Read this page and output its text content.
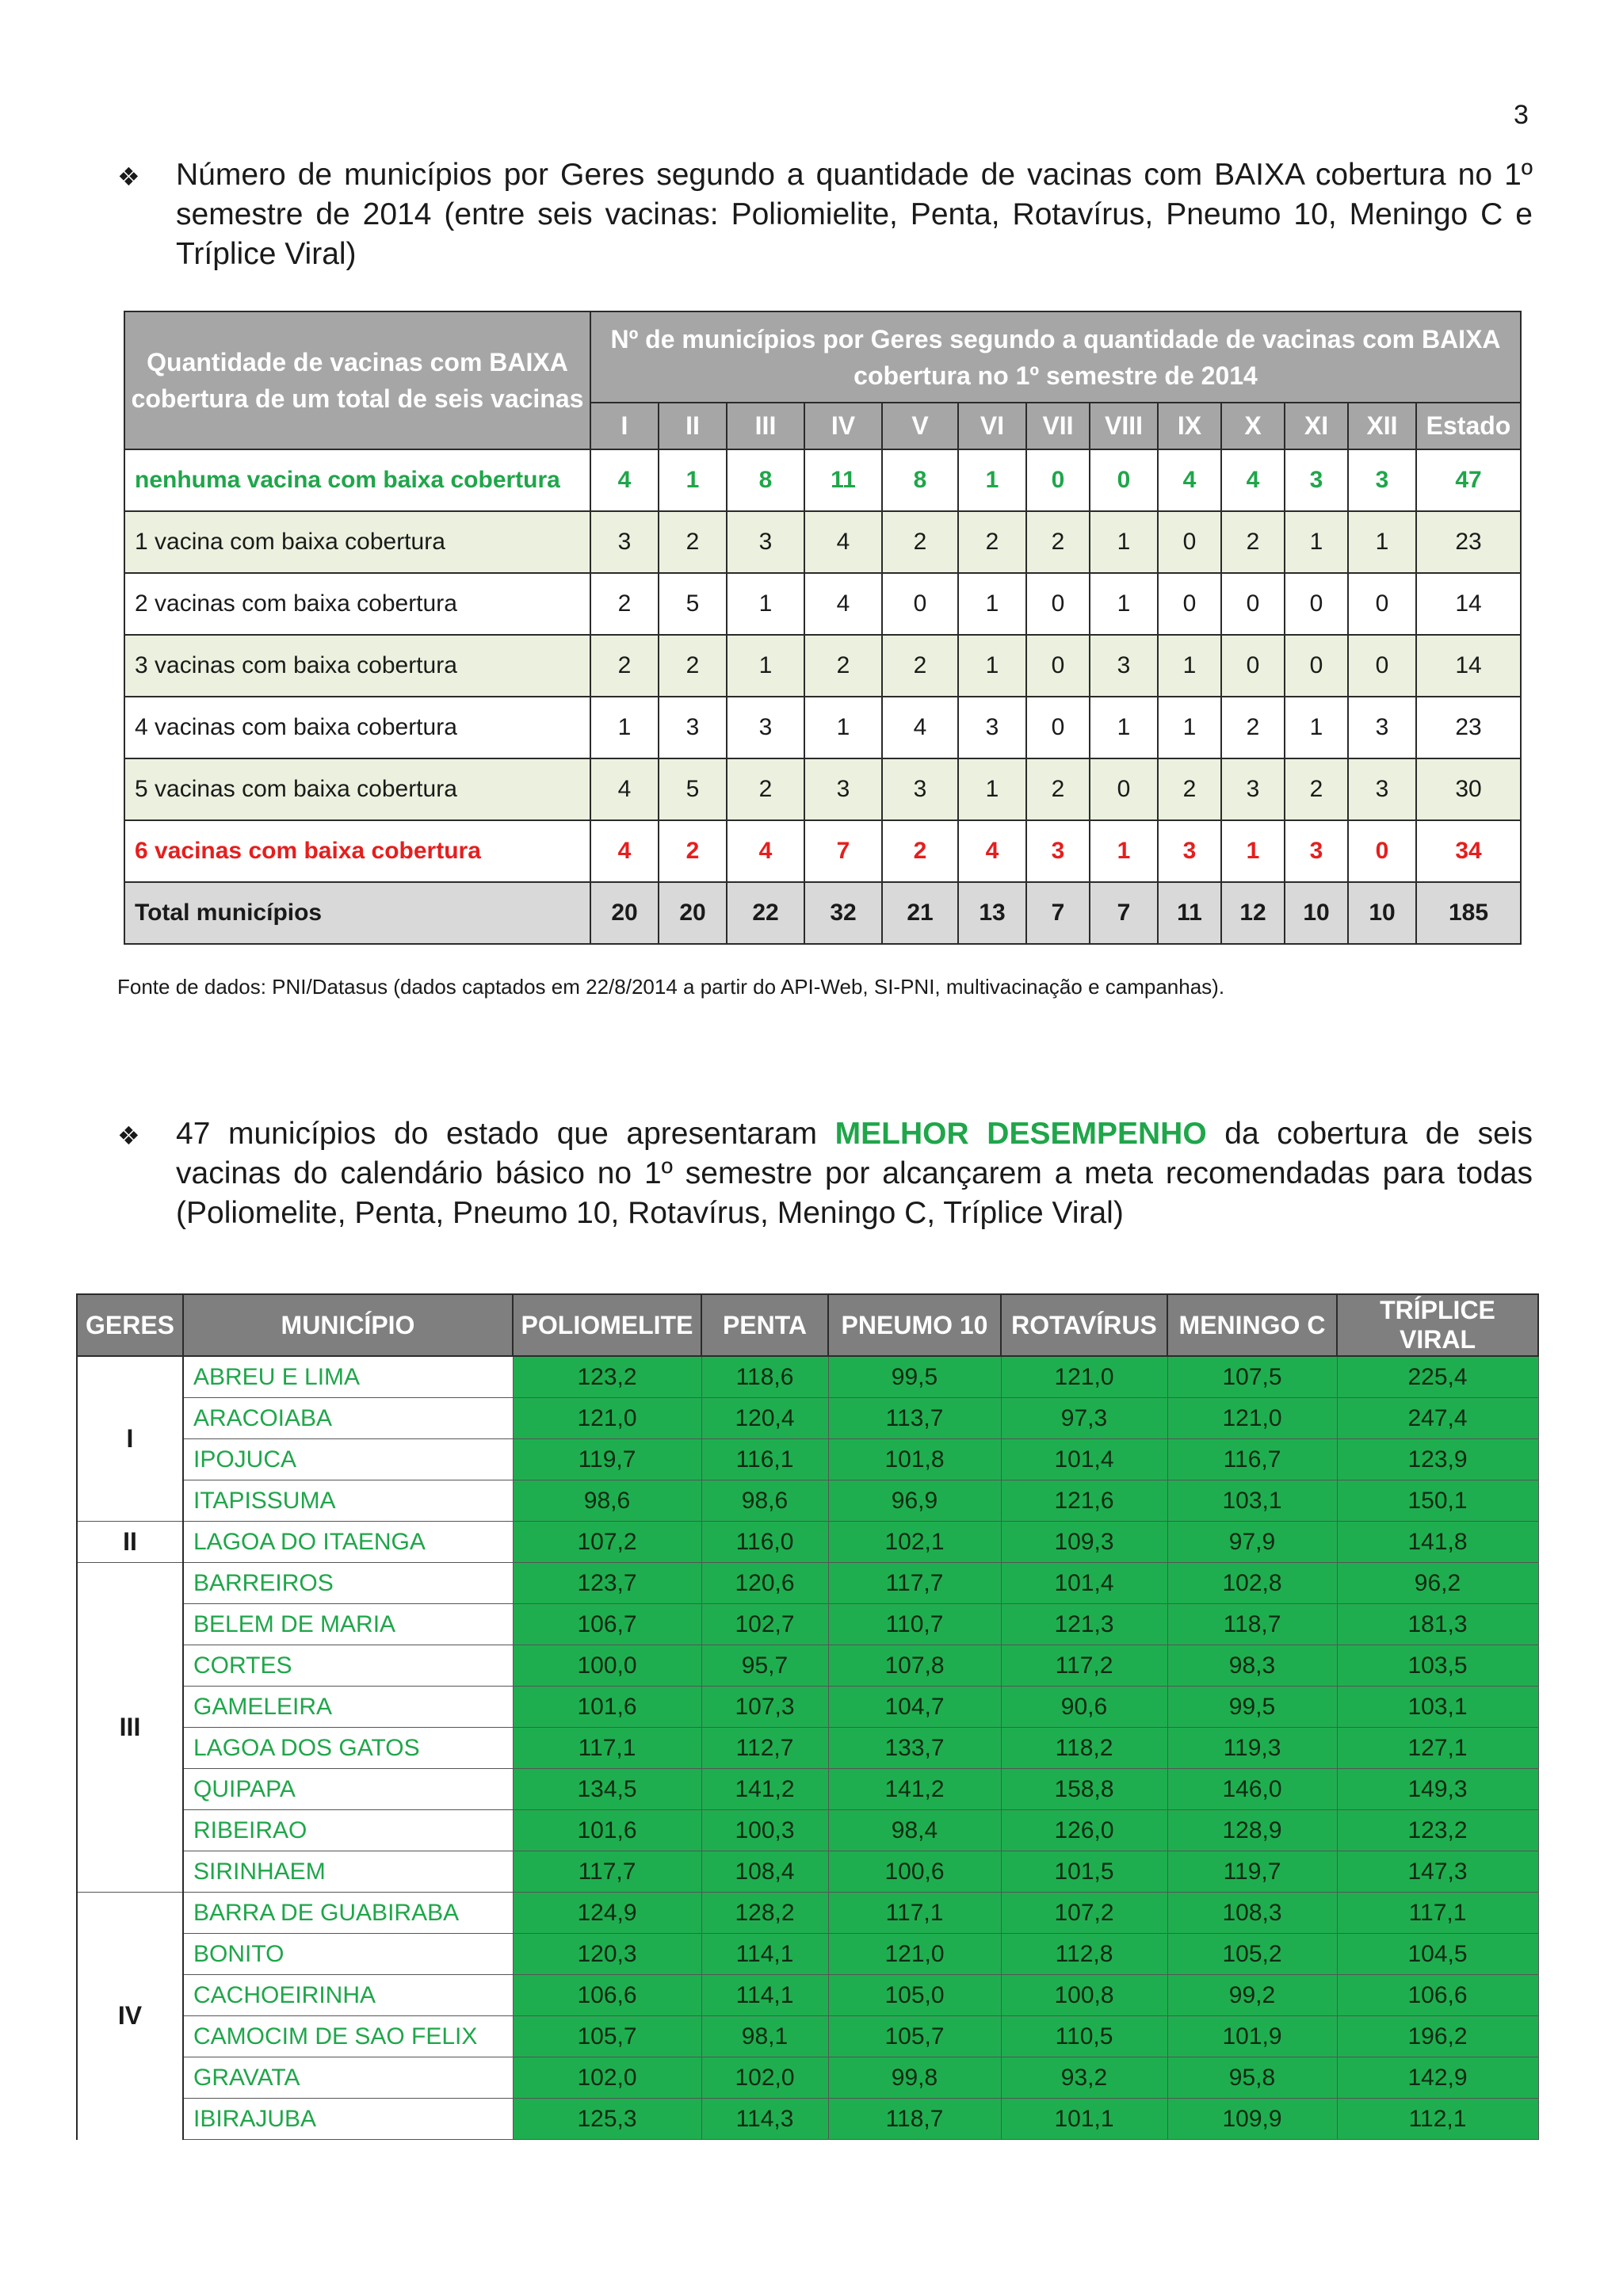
3
❖ Número de municípios por Geres segundo a quantidade de vacinas com BAIXA cobertura no 1º semestre de 2014 (entre seis vacinas: Poliomielite, Penta, Rotavírus, Pneumo 10, Meningo C e Tríplice Viral)
Quantidade de vacinas com BAIXA cobertura de um total de seis vacinas	Nº de municípios por Geres segundo a quantidade de vacinas com BAIXA cobertura no 1º semestre de 2014												
	I	II	III	IV	V	VI	VII	VIII	IX	X	XI	XII	Estado
nenhuma vacina com baixa cobertura	4	1	8	11	8	1	0	0	4	4	3	3	47
1 vacina com baixa cobertura	3	2	3	4	2	2	2	1	0	2	1	1	23
2 vacinas com baixa cobertura	2	5	1	4	0	1	0	1	0	0	0	0	14
3 vacinas com baixa cobertura	2	2	1	2	2	1	0	3	1	0	0	0	14
4 vacinas com baixa cobertura	1	3	3	1	4	3	0	1	1	2	1	3	23
5 vacinas com baixa cobertura	4	5	2	3	3	1	2	0	2	3	2	3	30
6 vacinas com baixa cobertura	4	2	4	7	2	4	3	1	3	1	3	0	34
Total municípios	20	20	22	32	21	13	7	7	11	12	10	10	185
Fonte de dados: PNI/Datasus (dados captados em 22/8/2014 a partir do API-Web, SI-PNI, multivacinação e campanhas).
❖ 47 municípios do estado que apresentaram MELHOR DESEMPENHO da cobertura de seis vacinas do calendário básico no 1º semestre por alcançarem a meta recomendadas para todas (Poliomelite, Penta, Pneumo 10, Rotavírus, Meningo C, Tríplice Viral)
GERES	MUNICÍPIO	POLIOMELITE	PENTA	PNEUMO 10	ROTAVÍRUS	MENINGO C	TRÍPLICE VIRAL
I	ABREU E LIMA	123,2	118,6	99,5	121,0	107,5	225,4
	ARACOIABA	121,0	120,4	113,7	97,3	121,0	247,4
	IPOJUCA	119,7	116,1	101,8	101,4	116,7	123,9
	ITAPISSUMA	98,6	98,6	96,9	121,6	103,1	150,1
II	LAGOA DO ITAENGA	107,2	116,0	102,1	109,3	97,9	141,8
III	BARREIROS	123,7	120,6	117,7	101,4	102,8	96,2
	BELEM DE MARIA	106,7	102,7	110,7	121,3	118,7	181,3
	CORTES	100,0	95,7	107,8	117,2	98,3	103,5
	GAMELEIRA	101,6	107,3	104,7	90,6	99,5	103,1
	LAGOA DOS GATOS	117,1	112,7	133,7	118,2	119,3	127,1
	QUIPAPA	134,5	141,2	141,2	158,8	146,0	149,3
	RIBEIRAO	101,6	100,3	98,4	126,0	128,9	123,2
	SIRINHAEM	117,7	108,4	100,6	101,5	119,7	147,3
IV	BARRA DE GUABIRABA	124,9	128,2	117,1	107,2	108,3	117,1
	BONITO	120,3	114,1	121,0	112,8	105,2	104,5
	CACHOEIRINHA	106,6	114,1	105,0	100,8	99,2	106,6
	CAMOCIM DE SAO FELIX	105,7	98,1	105,7	110,5	101,9	196,2
	GRAVATA	102,0	102,0	99,8	93,2	95,8	142,9
	IBIRAJUBA	125,3	114,3	118,7	101,1	109,9	112,1
